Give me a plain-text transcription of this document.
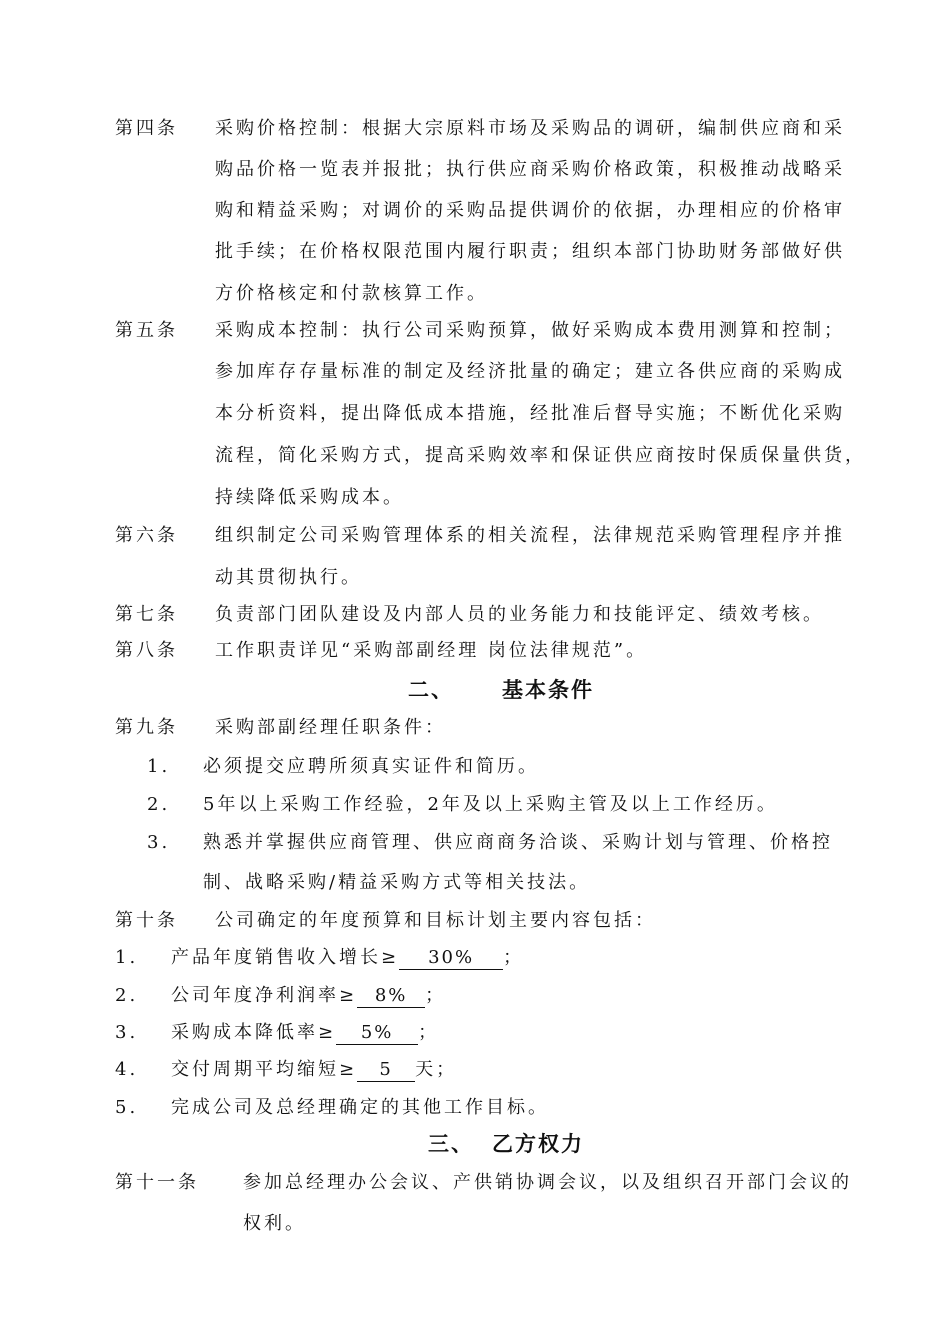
第四条 采购价格控制：根据大宗原料市场及采购品的调研，编制供应商和采
购品价格一览表并报批；执行供应商采购价格政策，积极推动战略采
购和精益采购；对调价的采购品提供调价的依据，办理相应的价格审
批手续；在价格权限范围内履行职责；组织本部门协助财务部做好供
方价格核定和付款核算工作。
第五条 采购成本控制：执行公司采购预算，做好采购成本费用测算和控制；
参加库存存量标准的制定及经济批量的确定；建立各供应商的采购成
本分析资料，提出降低成本措施，经批准后督导实施；不断优化采购
流程，简化采购方式，提高采购效率和保证供应商按时保质保量供货，
持续降低采购成本。
第六条 组织制定公司采购管理体系的相关流程，法律规范采购管理程序并推
动其贯彻执行。
第七条 负责部门团队建设及内部人员的业务能力和技能评定、绩效考核。
第八条 工作职责详见“采购部副经理 岗位法律规范”。
二、 基本条件
第九条 采购部副经理任职条件：
1. 必须提交应聘所须真实证件和简历。
2. 5年以上采购工作经验，2年及以上采购主管及以上工作经历。
3. 熟悉并掌握供应商管理、供应商商务洽谈、采购计划与管理、价格控
制、战略采购/精益采购方式等相关技法。
第十条 公司确定的年度预算和目标计划主要内容包括：
1. 产品年度销售收入增长≥ 30% ；
2. 公司年度净利润率≥ 8% ；
3. 采购成本降低率≥ 5% ；
4. 交付周期平均缩短≥ 5 天；
5. 完成公司及总经理确定的其他工作目标。
三、 乙方权力
第十一条 参加总经理办公会议、产供销协调会议，以及组织召开部门会议的
权利。
